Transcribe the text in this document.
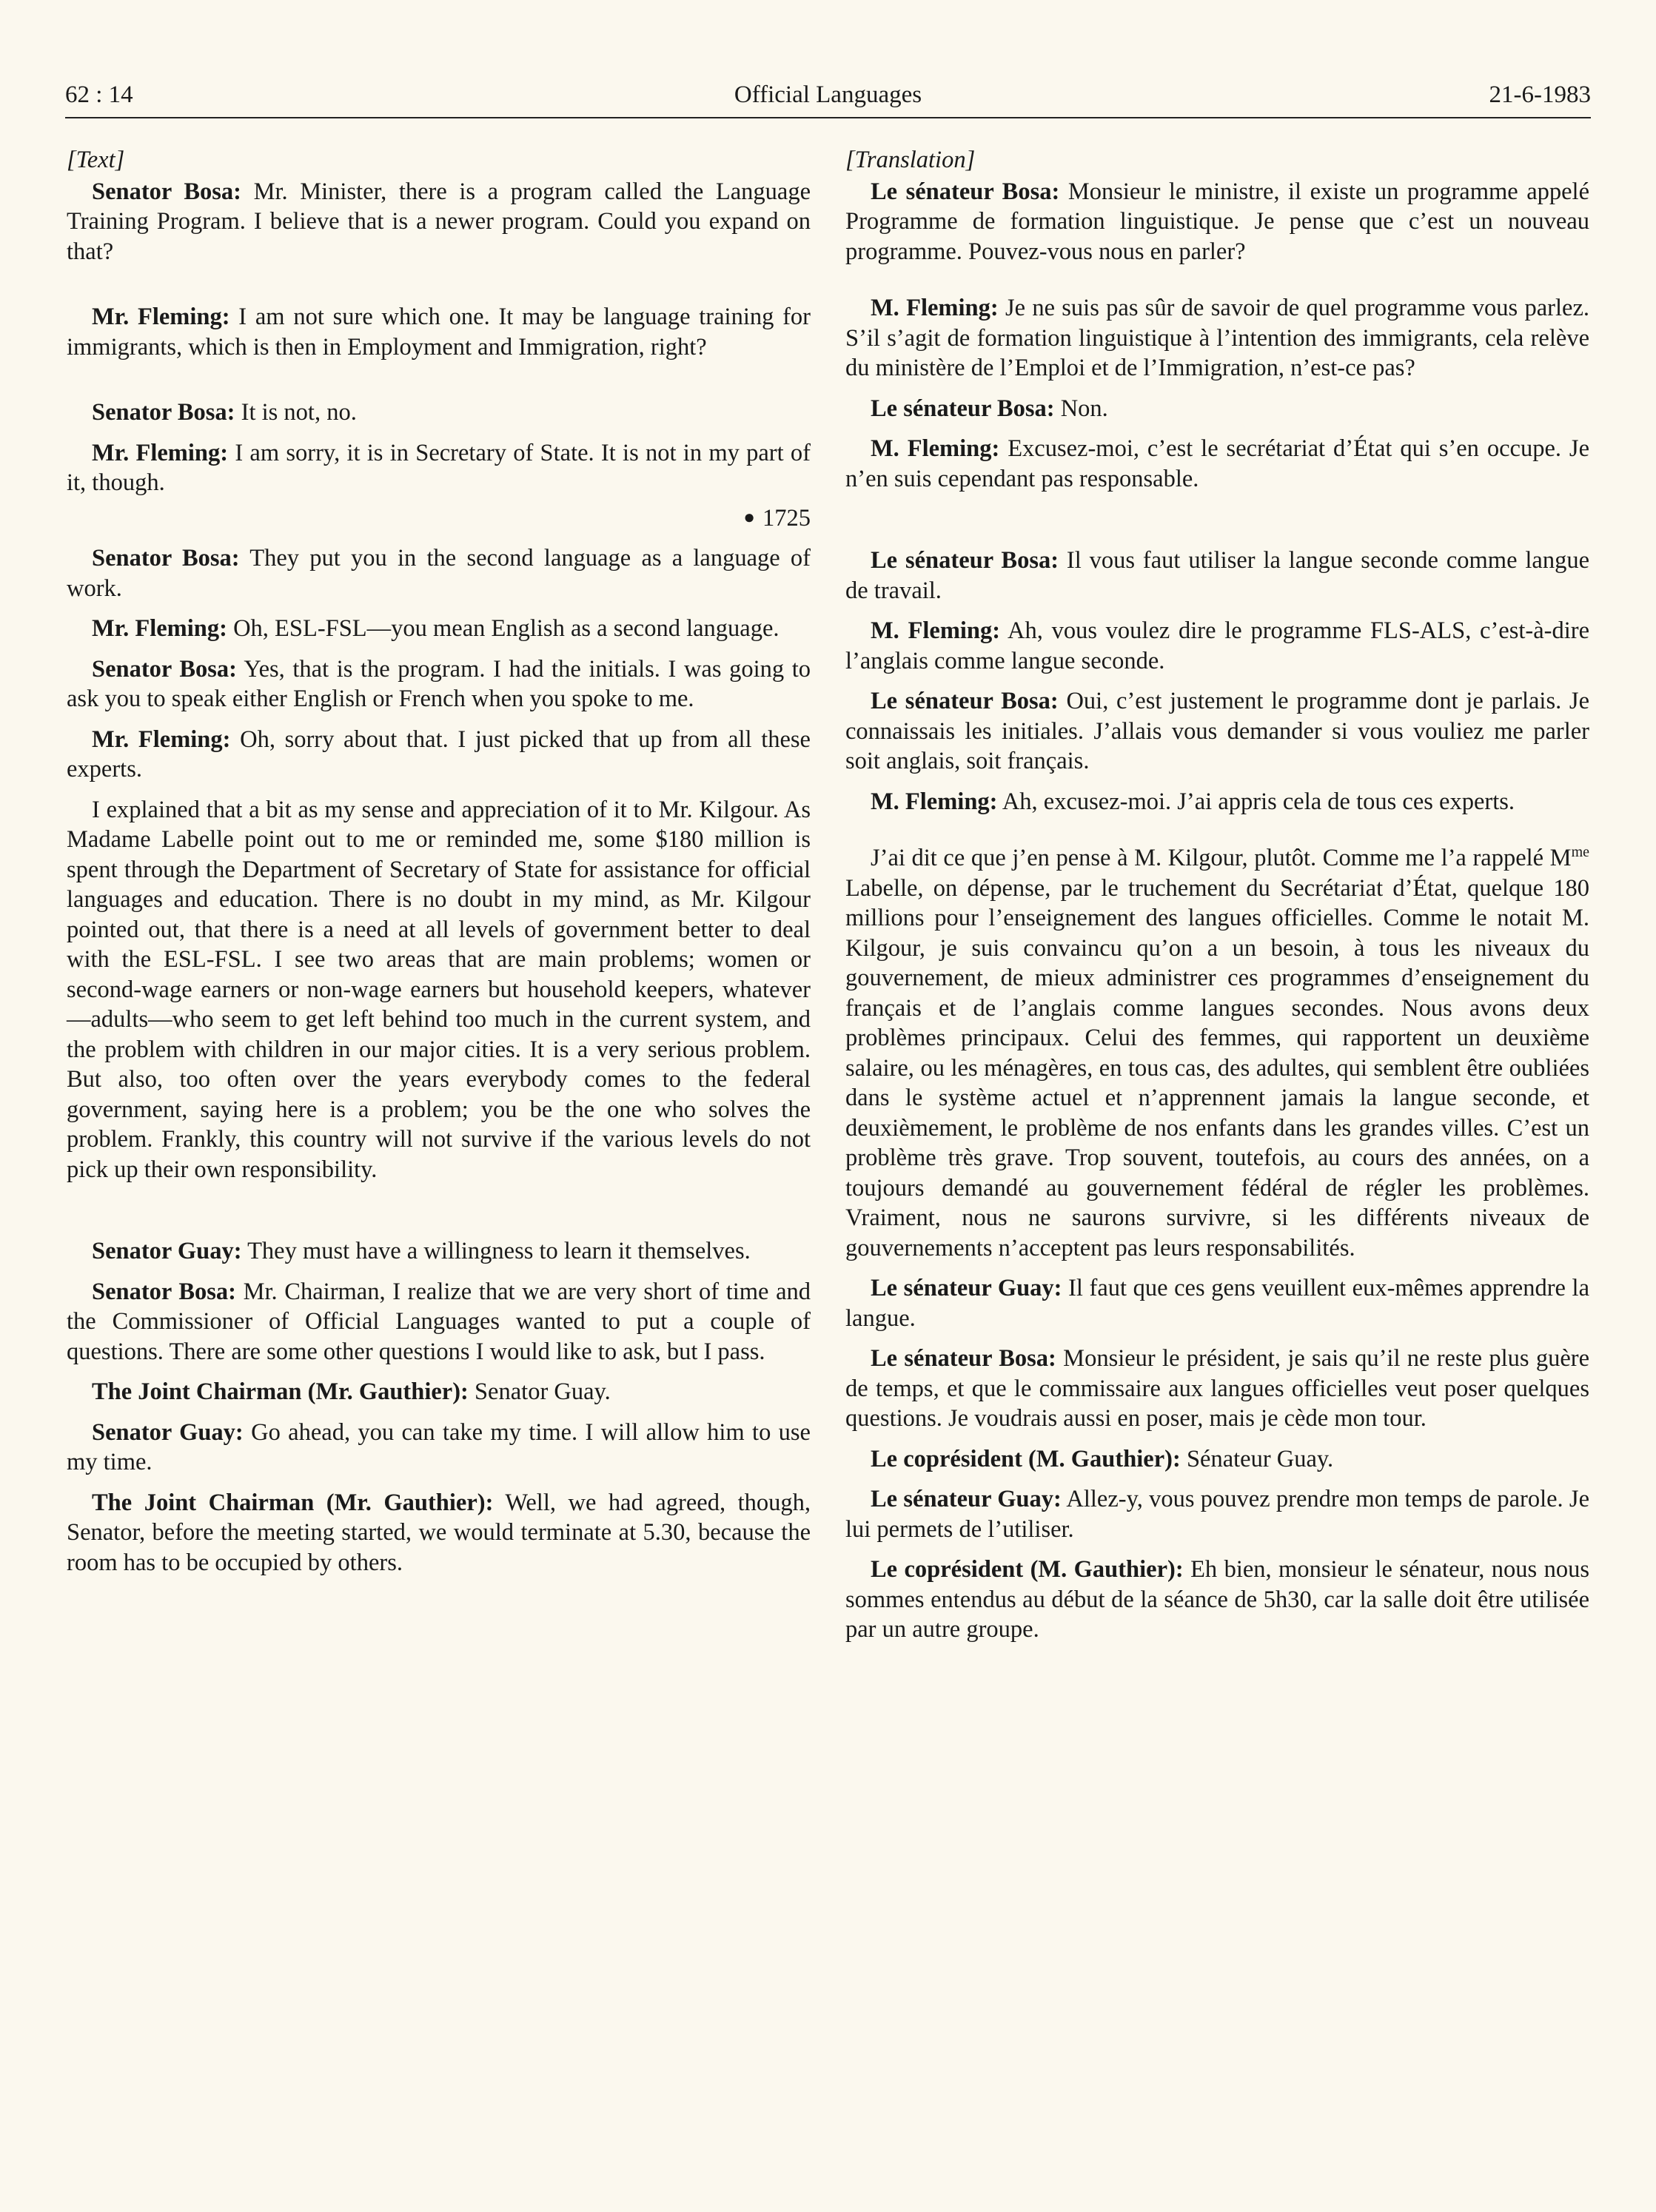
62 : 14	Official Languages	21-6-1983
[Text]

Senator Bosa: Mr. Minister, there is a program called the Language Training Program. I believe that is a newer program. Could you expand on that?

Mr. Fleming: I am not sure which one. It may be language training for immigrants, which is then in Employment and Immigration, right?

Senator Bosa: It is not, no.

Mr. Fleming: I am sorry, it is in Secretary of State. It is not in my part of it, though.

● 1725

Senator Bosa: They put you in the second language as a language of work.

Mr. Fleming: Oh, ESL-FSL—you mean English as a second language.

Senator Bosa: Yes, that is the program. I had the initials. I was going to ask you to speak either English or French when you spoke to me.

Mr. Fleming: Oh, sorry about that. I just picked that up from all these experts.

I explained that a bit as my sense and appreciation of it to Mr. Kilgour. As Madame Labelle point out to me or reminded me, some $180 million is spent through the Department of Secretary of State for assistance for official languages and education. There is no doubt in my mind, as Mr. Kilgour pointed out, that there is a need at all levels of government better to deal with the ESL-FSL. I see two areas that are main problems; women or second-wage earners or non-wage earners but household keepers, whatever—adults—who seem to get left behind too much in the current system, and the problem with children in our major cities. It is a very serious problem. But also, too often over the years everybody comes to the federal government, saying here is a problem; you be the one who solves the problem. Frankly, this country will not survive if the various levels do not pick up their own responsibility.

Senator Guay: They must have a willingness to learn it themselves.

Senator Bosa: Mr. Chairman, I realize that we are very short of time and the Commissioner of Official Languages wanted to put a couple of questions. There are some other questions I would like to ask, but I pass.

The Joint Chairman (Mr. Gauthier): Senator Guay.

Senator Guay: Go ahead, you can take my time. I will allow him to use my time.

The Joint Chairman (Mr. Gauthier): Well, we had agreed, though, Senator, before the meeting started, we would terminate at 5.30, because the room has to be occupied by others.

[Translation]

Le sénateur Bosa: Monsieur le ministre, il existe un programme appelé Programme de formation linguistique. Je pense que c’est un nouveau programme. Pouvez-vous nous en parler?

M. Fleming: Je ne suis pas sûr de savoir de quel programme vous parlez. S’il s’agit de formation linguistique à l’intention des immigrants, cela relève du ministère de l’Emploi et de l’Immigration, n’est-ce pas?

Le sénateur Bosa: Non.

M. Fleming: Excusez-moi, c’est le secrétariat d’État qui s’en occupe. Je n’en suis cependant pas responsable.

Le sénateur Bosa: Il vous faut utiliser la langue seconde comme langue de travail.

M. Fleming: Ah, vous voulez dire le programme FLS-ALS, c’est-à-dire l’anglais comme langue seconde.

Le sénateur Bosa: Oui, c’est justement le programme dont je parlais. Je connaissais les initiales. J’allais vous demander si vous vouliez me parler soit anglais, soit français.

M. Fleming: Ah, excusez-moi. J’ai appris cela de tous ces experts.

J’ai dit ce que j’en pense à M. Kilgour, plutôt. Comme me l’a rappelé $M^{me}$ Labelle, on dépense, par le truchement du Secrétariat d’État, quelque 180 millions pour l’enseignement des langues officielles. Comme le notait M. Kilgour, je suis convaincu qu’on a un besoin, à tous les niveaux du gouvernement, de mieux administrer ces programmes d’enseignement du français et de l’anglais comme langues secondes. Nous avons deux problèmes principaux. Celui des femmes, qui rapportent un deuxième salaire, ou les ménagères, en tous cas, des adultes, qui semblent être oubliées dans le système actuel et n’apprennent jamais la langue seconde, et deuxièmement, le problème de nos enfants dans les grandes villes. C’est un problème très grave. Trop souvent, toutefois, au cours des années, on a toujours demandé au gouvernement fédéral de régler les problèmes. Vraiment, nous ne saurons survivre, si les différents niveaux de gouvernements n’acceptent pas leurs responsabilités.

Le sénateur Guay: Il faut que ces gens veuillent eux-mêmes apprendre la langue.

Le sénateur Bosa: Monsieur le président, je sais qu’il ne reste plus guère de temps, et que le commissaire aux langues officielles veut poser quelques questions. Je voudrais aussi en poser, mais je cède mon tour.

Le coprésident (M. Gauthier): Sénateur Guay.

Le sénateur Guay: Allez-y, vous pouvez prendre mon temps de parole. Je lui permets de l’utiliser.

Le coprésident (M. Gauthier): Eh bien, monsieur le sénateur, nous nous sommes entendus au début de la séance de 5h30, car la salle doit être utilisée par un autre groupe.
